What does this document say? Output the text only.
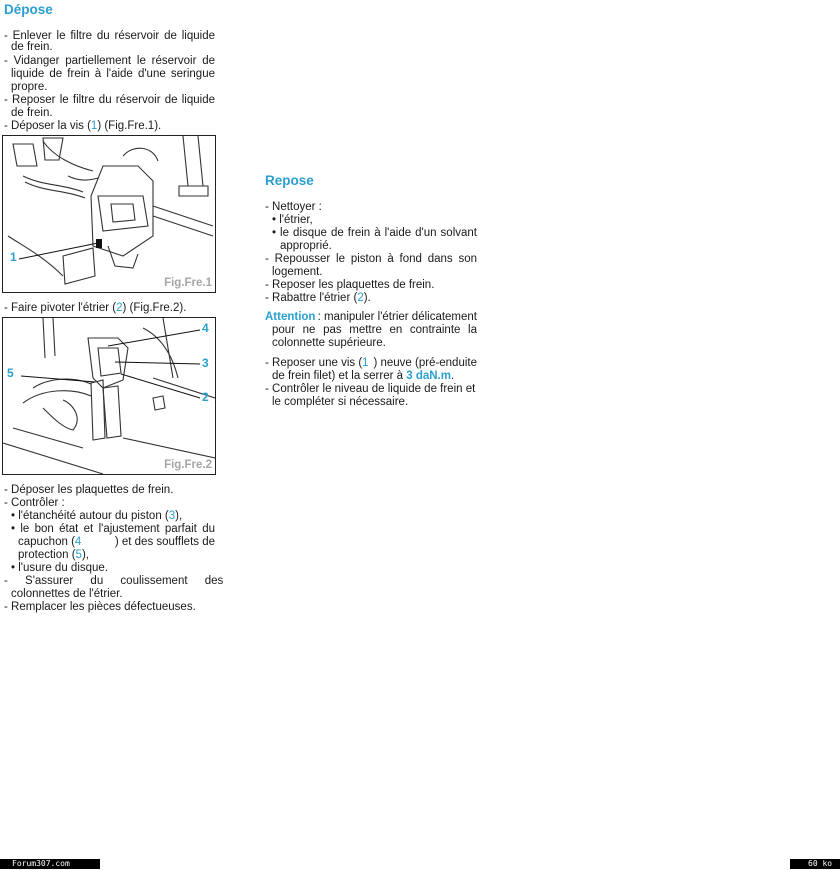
Dépose
- Enlever le filtre du réservoir de liquide
de frein.
- Vidanger partiellement le réservoir de
liquide de frein à l'aide d'une seringue
propre.
- Reposer le filtre du réservoir de liquide
de frein.
- Déposer la vis (1) (Fig.Fre.1).
1
Fig.Fre.1
- Faire pivoter l'étrier (2) (Fig.Fre.2).
4
3
5
2
Fig.Fre.2
- Déposer les plaquettes de frein.
- Contrôler :
• l'étanchéité autour du piston (3),
• le bon état et l'ajustement parfait du
capuchon (4	) et des soufflets de
protection (5),
• l'usure du disque.
- S'assurer du coulissement des
colonnettes de l'étrier.
- Remplacer les pièces défectueuses.
Repose
- Nettoyer :
• l'étrier,
• le disque de frein à l'aide d'un solvant
approprié.
- Repousser le piston à fond dans son
logement.
- Reposer les plaquettes de frein.
- Rabattre l'étrier (2).
Attention : manipuler l'étrier délicatement
pour ne pas mettre en contrainte la
colonnette supérieure.
- Reposer une vis (1 ) neuve (pré-enduite
de frein filet) et la serrer à 3 daN.m.
- Contrôler le niveau de liquide de frein et
le compléter si nécessaire.
Forum307.com	60 ko
